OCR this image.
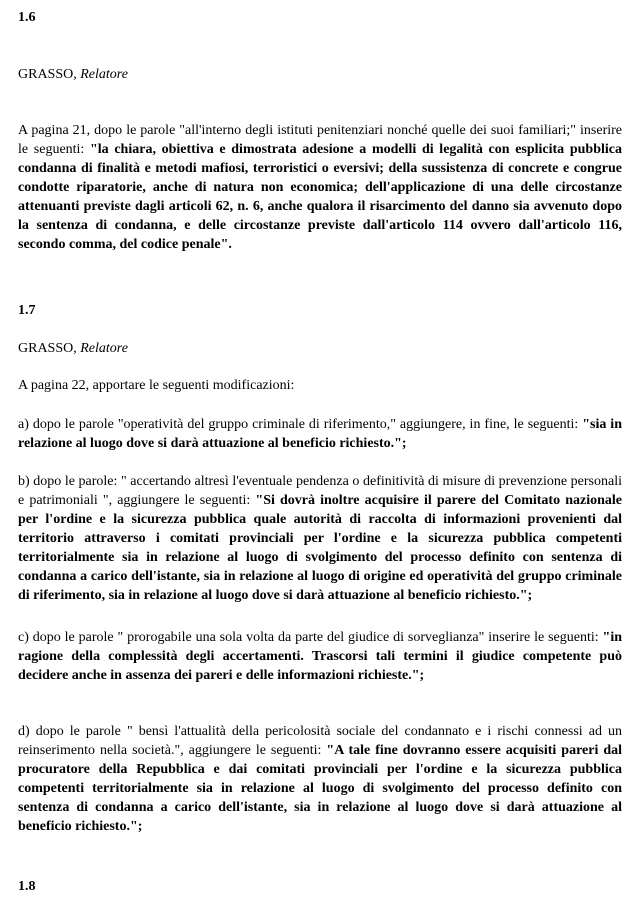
1.6

GRASSO, Relatore

A pagina 21, dopo le parole "all'interno degli istituti penitenziari nonché quelle dei suoi familiari;" inserire le seguenti: "la chiara, obiettiva e dimostrata adesione a modelli di legalità con esplicita pubblica condanna di finalità e metodi mafiosi, terroristici o eversivi; della sussistenza di concrete e congrue condotte riparatorie, anche di natura non economica; dell'applicazione di una delle circostanze attenuanti previste dagli articoli 62, n. 6, anche qualora il risarcimento del danno sia avvenuto dopo la sentenza di condanna, e delle circostanze previste dall'articolo 114 ovvero dall'articolo 116, secondo comma, del codice penale".

1.7

GRASSO, Relatore

A pagina 22, apportare le seguenti modificazioni:

a) dopo le parole "operatività del gruppo criminale di riferimento," aggiungere, in fine, le seguenti: "sia in relazione al luogo dove si darà attuazione al beneficio richiesto.";

b) dopo le parole: " accertando altresì l'eventuale pendenza o definitività di misure di prevenzione personali e patrimoniali ", aggiungere le seguenti: "Si dovrà inoltre acquisire il parere del Comitato nazionale per l'ordine e la sicurezza pubblica quale autorità di raccolta di informazioni provenienti dal territorio attraverso i comitati provinciali per l'ordine e la sicurezza pubblica competenti territorialmente sia in relazione al luogo di svolgimento del processo definito con sentenza di condanna a carico dell'istante, sia in relazione al luogo di origine ed operatività del gruppo criminale di riferimento, sia in relazione al luogo dove si darà attuazione al beneficio richiesto.";

c) dopo le parole " prorogabile una sola volta da parte del giudice di sorveglianza" inserire le seguenti: "in ragione della complessità degli accertamenti. Trascorsi tali termini il giudice competente può decidere anche in assenza dei pareri e delle informazioni richieste.";

d) dopo le parole " bensì l'attualità della pericolosità sociale del condannato e i rischi connessi ad un reinserimento nella società.", aggiungere le seguenti: "A tale fine dovranno essere acquisiti pareri dal procuratore della Repubblica e dai comitati provinciali per l'ordine e la sicurezza pubblica competenti territorialmente sia in relazione al luogo di svolgimento del processo definito con sentenza di condanna a carico dell'istante, sia in relazione al luogo dove si darà attuazione al beneficio richiesto.";

1.8
